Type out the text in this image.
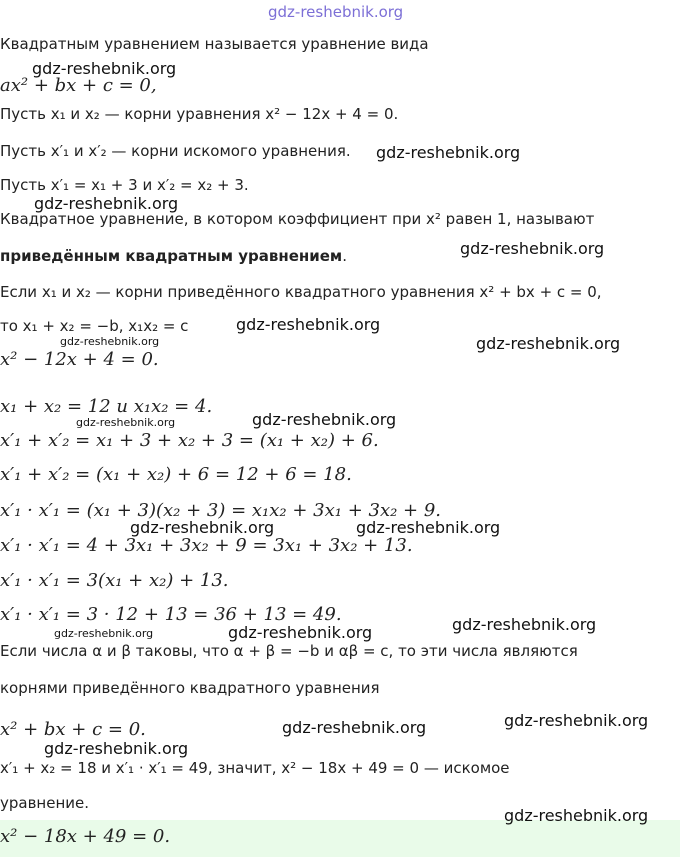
gdz-reshebnik.org
Квадратным уравнением называется уравнение вида
ax² + bx + c = 0,
Пусть x₁ и x₂ — корни уравнения x² − 12x + 4 = 0.
Пусть x′₁ и x′₂ — корни искомого уравнения.
Пусть x′₁ = x₁ + 3 и x′₂ = x₂ + 3.
Квадратное уравнение, в котором коэффициент при x² равен 1, называют
приведённым квадратным уравнением.
Если x₁ и x₂ — корни приведённого квадратного уравнения x² + bx + c = 0,
то x₁ + x₂ = −b, x₁x₂ = c
x² − 12x + 4 = 0.
x₁ + x₂ = 12 и x₁x₂ = 4.
x′₁ + x′₂ = x₁ + 3 + x₂ + 3 = (x₁ + x₂) + 6.
x′₁ + x′₂ = (x₁ + x₂) + 6 = 12 + 6 = 18.
x′₁ · x′₁ = (x₁ + 3)(x₂ + 3) = x₁x₂ + 3x₁ + 3x₂ + 9.
x′₁ · x′₁ = 4 + 3x₁ + 3x₂ + 9 = 3x₁ + 3x₂ + 13.
x′₁ · x′₁ = 3(x₁ + x₂) + 13.
x′₁ · x′₁ = 3 · 12 + 13 = 36 + 13 = 49.
Если числа α и β таковы, что α + β = −b и αβ = c, то эти числа являются
корнями приведённого квадратного уравнения
x² + bx + c = 0.
x′₁ + x₂ = 18 и x′₁ · x′₁ = 49, значит, x² − 18x + 49 = 0 — искомое
уравнение.
x² − 18x + 49 = 0.
gdz-reshebnik.org
gdz-reshebnik.org
gdz-reshebnik.org
gdz-reshebnik.org
gdz-reshebnik.org
gdz-reshebnik.org	gdz-reshebnik.org
gdz-reshebnik.org	gdz-reshebnik.org
gdz-reshebnik.org	gdz-reshebnik.org
gdz-reshebnik.org	gdz-reshebnik.org	gdz-reshebnik.org
gdz-reshebnik.org	gdz-reshebnik.org
gdz-reshebnik.org
gdz-reshebnik.org
